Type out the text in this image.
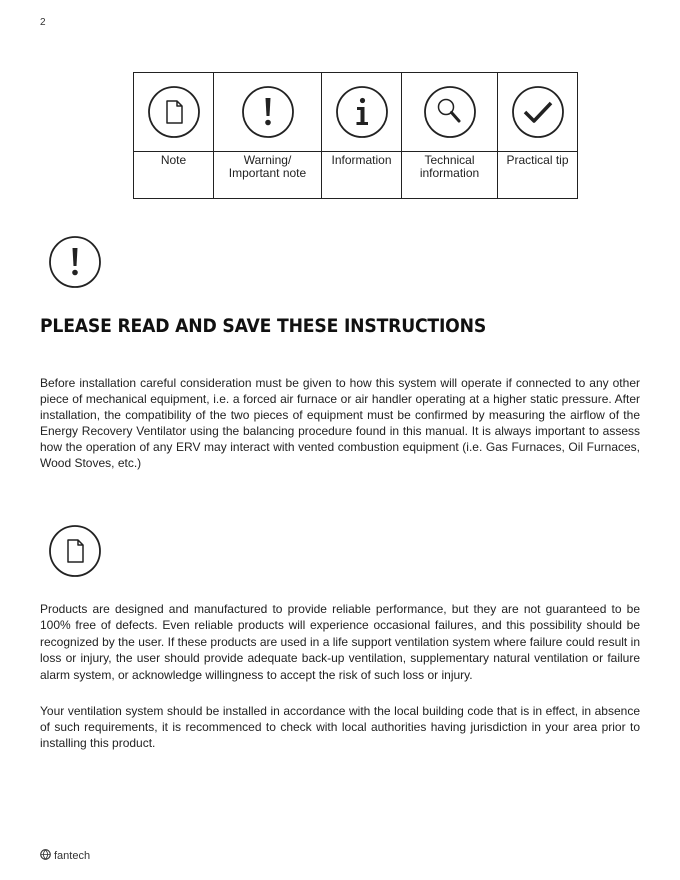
2

Note	Warning/ Important note	Information	Technical information	Practical tip
PLEASE READ AND SAVE THESE INSTRUCTIONS

Before installation careful consideration must be given to how this system will operate if connected to any other piece of mechanical equipment, i.e. a forced air furnace or air handler operating at a higher static pressure. After installation, the compatibility of the two pieces of equipment must be confirmed by measuring the airflow of the Energy Recovery Ventilator using the balancing procedure found in this manual. It is always important to assess how the operation of any ERV may interact with vented combustion equipment (i.e. Gas Furnaces, Oil Furnaces, Wood Stoves, etc.)

Products are designed and manufactured to provide reliable performance, but they are not guaranteed to be 100% free of defects. Even reliable products will experience occasional failures, and this possibility should be recognized by the user. If these products are used in a life support ventilation system where failure could result in loss or injury, the user should provide adequate back-up ventilation, supplementary natural ventilation or failure alarm system, or acknowledge willingness to accept the risk of such loss or injury.

Your ventilation system should be installed in accordance with the local building code that is in effect, in absence of such requirements, it is recommenced to check with local authorities having jurisdiction in your area prior to installing this product.

fantech
